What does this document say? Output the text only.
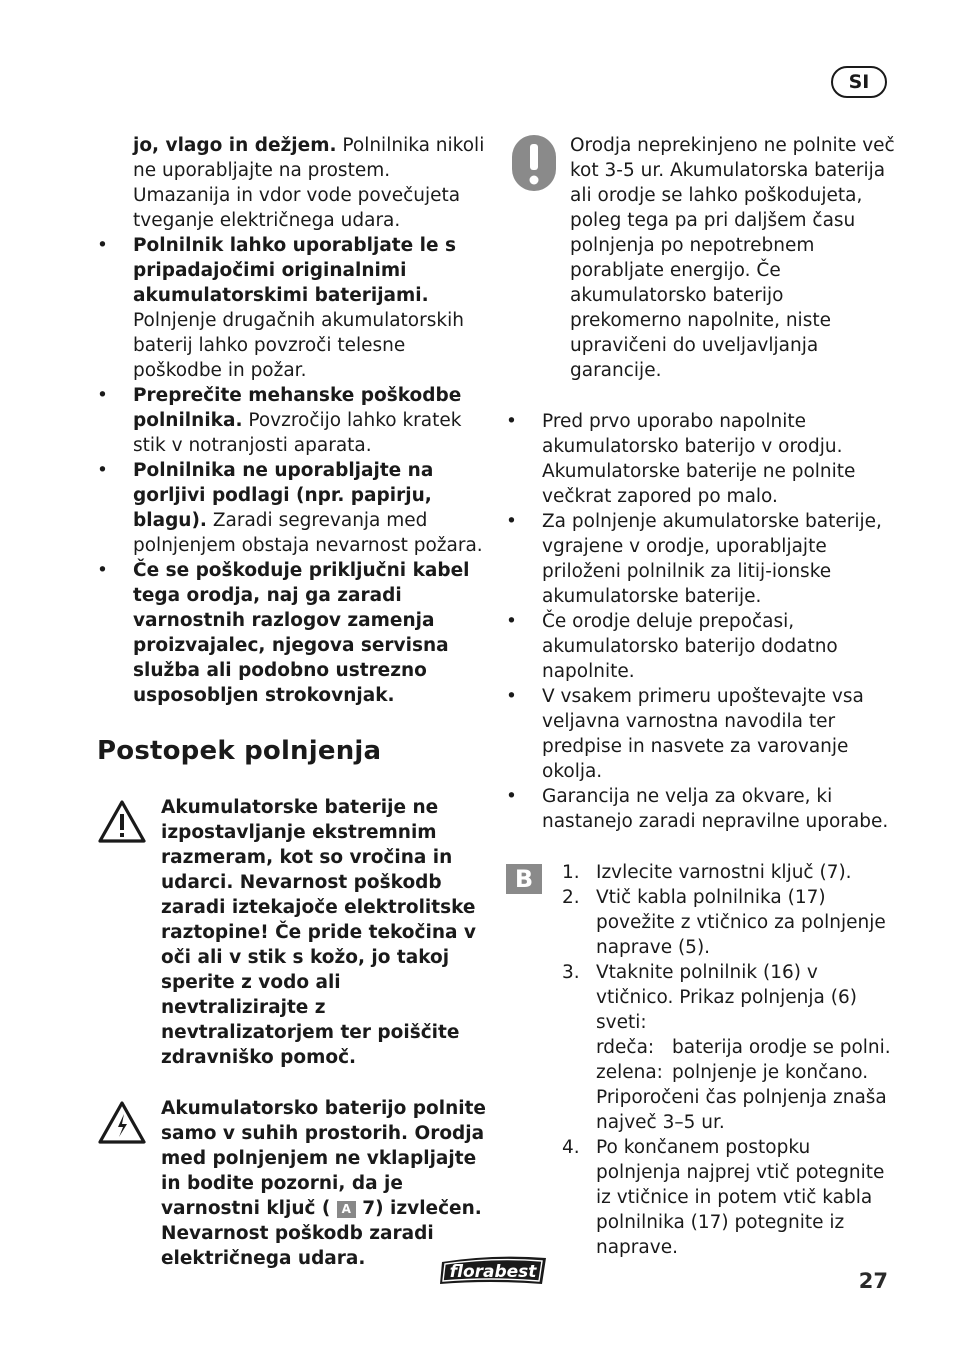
SI

jo, vlago in dežjem. Polnilnika nikoli ne uporabljajte na prostem. Umazanija in vdor vode povečujeta tveganje električnega udara.

• Polnilnik lahko uporabljate le s pripadajočimi originalnimi akumulatorskimi baterijami. Polnjenje drugačnih akumulatorskih baterij lahko povzroči telesne poškodbe in požar.
• Preprečite mehanske poškodbe polnilnika. Povzročijo lahko kratek stik v notranjosti aparata.
• Polnilnika ne uporabljajte na gorljivi podlagi (npr. papirju, blagu). Zaradi segrevanja med polnjenjem obstaja nevarnost požara.
• Če se poškoduje priključni kabel tega orodja, naj ga zaradi varnostnih razlogov zamenja proizvajalec, njegova servisna služba ali podobno ustrezno usposobljen strokovnjak.
Postopek polnjenja

Akumulatorske baterije ne izpostavljanje ekstremnim razmeram, kot so vročina in udarci. Nevarnost poškodb zaradi iztekajoče elektrolitske raztopine! Če pride tekočina v oči ali v stik s kožo, jo takoj sperite z vodo ali nevtralizirajte z nevtralizatorjem ter poiščite zdravniško pomoč.

Akumulatorsko baterijo polnite samo v suhih prostorih. Orodja med polnjenjem ne vklapljajte in bodite pozorni, da je varnostni ključ ( A 7) izvlečen. Nevarnost poškodb zaradi električnega udara.

Orodja neprekinjeno ne polnite več kot 3-5 ur. Akumulatorska baterija ali orodje se lahko poškodujeta, poleg tega pa pri daljšem času polnjenja po nepotrebnem porabljate energijo. Če akumulatorsko baterijo prekomerno napolnite, niste upravičeni do uveljavljanja garancije.

• Pred prvo uporabo napolnite akumulatorsko baterijo v orodju. Akumulatorske baterije ne polnite večkrat zapored po malo.
• Za polnjenje akumulatorske baterije, vgrajene v orodje, uporabljajte priloženi polnilnik za litij-ionske akumulatorske baterije.
• Če orodje deluje prepočasi, akumulatorsko baterijo dodatno napolnite.
• V vsakem primeru upoštevajte vsa veljavna varnostna navodila ter predpise in nasvete za varovanje okolja.
• Garancija ne velja za okvare, ki nastanejo zaradi nepravilne uporabe.
B	1. Izvlecite varnostni ključ (7).
2. Vtič kabla polnilnika (17) povežite z vtičnico za polnjenje naprave (5).
3. Vtaknite polnilnik (16) v vtičnico. Prikaz polnjenja (6) sveti:
rdeča: baterija orodje se polni.
zelena: polnjenje je končano.
Priporočeni čas polnjenja znaša največ 3–5 ur.
4. Po končanem postopku polnjenja najprej vtič potegnite iz vtičnice in potem vtič kabla polnilnika (17) potegnite iz naprave.
florabest	27
